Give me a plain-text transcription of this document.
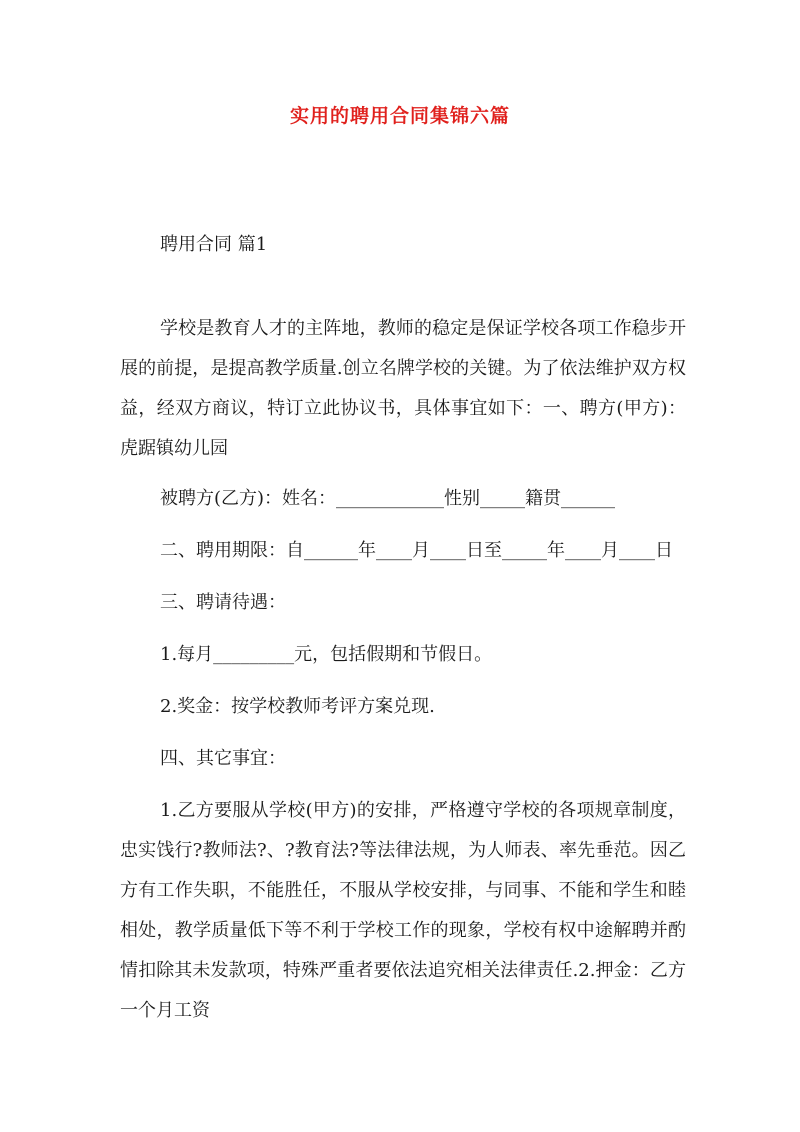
实用的聘用合同集锦六篇
聘用合同 篇1

学校是教育人才的主阵地，教师的稳定是保证学校各项工作稳步开展的前提，是提高教学质量.创立名牌学校的关键。为了依法维护双方权益，经双方商议，特订立此协议书，具体事宜如下：一、聘方(甲方)：虎踞镇幼儿园

被聘方(乙方)：姓名：____________性别_____籍贯______

二、聘用期限：自______年____月____日至_____年____月____日

三、聘请待遇：

1.每月_________元，包括假期和节假日。

2.奖金：按学校教师考评方案兑现.

四、其它事宜：

1.乙方要服从学校(甲方)的安排，严格遵守学校的各项规章制度，忠实饯行?教师法?、?教育法?等法律法规，为人师表、率先垂范。因乙方有工作失职，不能胜任，不服从学校安排，与同事、不能和学生和睦相处，教学质量低下等不利于学校工作的现象，学校有权中途解聘并酌情扣除其未发款项，特殊严重者要依法追究相关法律责任.2.押金：乙方一个月工资
